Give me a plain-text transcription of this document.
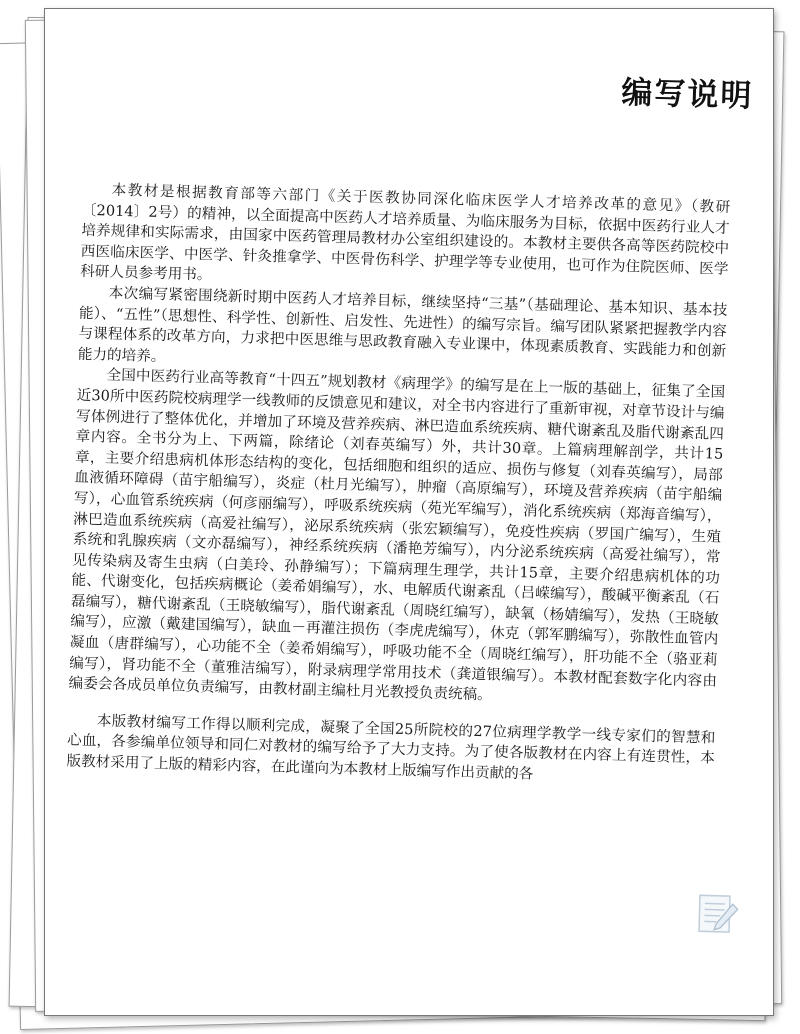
编写说明

本教材是根据教育部等六部门《关于医教协同深化临床医学人才培养改革的意见》（教研〔2014〕2号）的精神，以全面提高中医药人才培养质量、为临床服务为目标，依据中医药行业人才培养规律和实际需求，由国家中医药管理局教材办公室组织建设的。本教材主要供各高等医药院校中西医临床医学、中医学、针灸推拿学、中医骨伤科学、护理学等专业使用，也可作为住院医师、医学科研人员参考用书。

本次编写紧密围绕新时期中医药人才培养目标，继续坚持“三基”（基础理论、基本知识、基本技能）、“五性”（思想性、科学性、创新性、启发性、先进性）的编写宗旨。编写团队紧紧把握教学内容与课程体系的改革方向，力求把中医思维与思政教育融入专业课中，体现素质教育、实践能力和创新能力的培养。

全国中医药行业高等教育“十四五”规划教材《病理学》的编写是在上一版的基础上，征集了全国近30所中医药院校病理学一线教师的反馈意见和建议，对全书内容进行了重新审视，对章节设计与编写体例进行了整体优化，并增加了环境及营养疾病、淋巴造血系统疾病、糖代谢紊乱及脂代谢紊乱四章内容。全书分为上、下两篇，除绪论（刘春英编写）外，共计30章。上篇病理解剖学，共计15章，主要介绍患病机体形态结构的变化，包括细胞和组织的适应、损伤与修复（刘春英编写），局部血液循环障碍（苗宇船编写），炎症（杜月光编写），肿瘤（高原编写），环境及营养疾病（苗宇船编写），心血管系统疾病（何彦丽编写），呼吸系统疾病（苑光军编写），消化系统疾病（郑海音编写），淋巴造血系统疾病（高爱社编写），泌尿系统疾病（张宏颖编写），免疫性疾病（罗国广编写），生殖系统和乳腺疾病（文亦磊编写），神经系统疾病（潘艳芳编写），内分泌系统疾病（高爱社编写），常见传染病及寄生虫病（白美玲、孙静编写）；下篇病理生理学，共计15章，主要介绍患病机体的功能、代谢变化，包括疾病概论（姜希娟编写），水、电解质代谢紊乱（吕嵘编写），酸碱平衡紊乱（石磊编写），糖代谢紊乱（王晓敏编写），脂代谢紊乱（周晓红编写），缺氧（杨婧编写），发热（王晓敏编写），应激（戴建国编写），缺血－再灌注损伤（李虎虎编写），休克（郭军鹏编写），弥散性血管内凝血（唐群编写），心功能不全（姜希娟编写），呼吸功能不全（周晓红编写），肝功能不全（骆亚莉编写），肾功能不全（董雅洁编写），附录病理学常用技术（龚道银编写）。本教材配套数字化内容由编委会各成员单位负责编写，由教材副主编杜月光教授负责统稿。

本版教材编写工作得以顺利完成，凝聚了全国25所院校的27位病理学教学一线专家们的智慧和心血，各参编单位领导和同仁对教材的编写给予了大力支持。为了使各版教材在内容上有连贯性，本版教材采用了上版的精彩内容，在此谨向为本教材上版编写作出贡献的各
